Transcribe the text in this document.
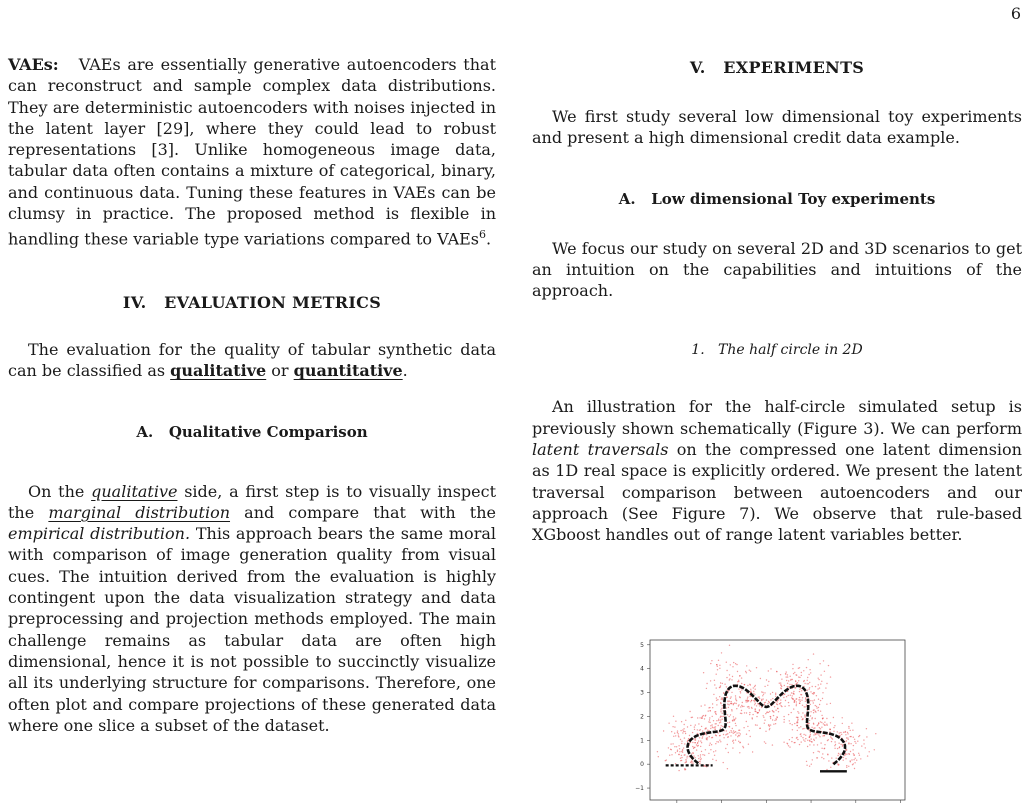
6

VAEs: VAEs are essentially generative autoencoders that can reconstruct and sample complex data distributions. They are deterministic autoencoders with noises injected in the latent layer [29], where they could lead to robust representations [3]. Unlike homogeneous image data, tabular data often contains a mixture of categorical, binary, and continuous data. Tuning these features in VAEs can be clumsy in practice. The proposed method is flexible in handling these variable type variations compared to VAEs$^6$.

IV.   EVALUATION METRICS

The evaluation for the quality of tabular synthetic data can be classified as qualitative or quantitative.

A.   Qualitative Comparison

On the qualitative side, a first step is to visually inspect the marginal distribution and compare that with the empirical distribution. This approach bears the same moral with comparison of image generation quality from visual cues. The intuition derived from the evaluation is highly contingent upon the data visualization strategy and data preprocessing and projection methods employed. The main challenge remains as tabular data are often high dimensional, hence it is not possible to succinctly visualize all its underlying structure for comparisons. Therefore, one often plot and compare projections of these generated data where one slice a subset of the dataset.

V.   EXPERIMENTS

We first study several low dimensional toy experiments and present a high dimensional credit data example.

A.   Low dimensional Toy experiments

We focus our study on several 2D and 3D scenarios to get an intuition on the capabilities and intuitions of the approach.

1.   The half circle in 2D

An illustration for the half-circle simulated setup is previously shown schematically (Figure 3). We can perform latent traversals on the compressed one latent dimension as 1D real space is explicitly ordered. We present the latent traversal comparison between autoencoders and our approach (See Figure 7). We observe that rule-based XGboost handles out of range latent variables better.

5
4
3
2
1
0
−1
